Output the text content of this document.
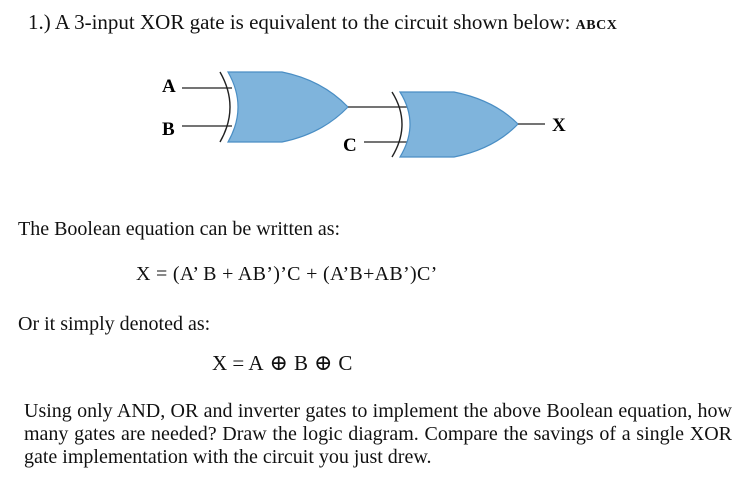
1.) A 3-input XOR gate is equivalent to the circuit shown below: ABCX
A
B
C
X
The Boolean equation can be written as:
X = (A’ B + AB’)’C + (A’B+AB’)C’
Or it simply denoted as:
X = A ⊕ B ⊕ C
Using only AND, OR and inverter gates to implement the above Boolean equation, how many gates are needed? Draw the logic diagram. Compare the savings of a single XOR gate implementation with the circuit you just drew.
